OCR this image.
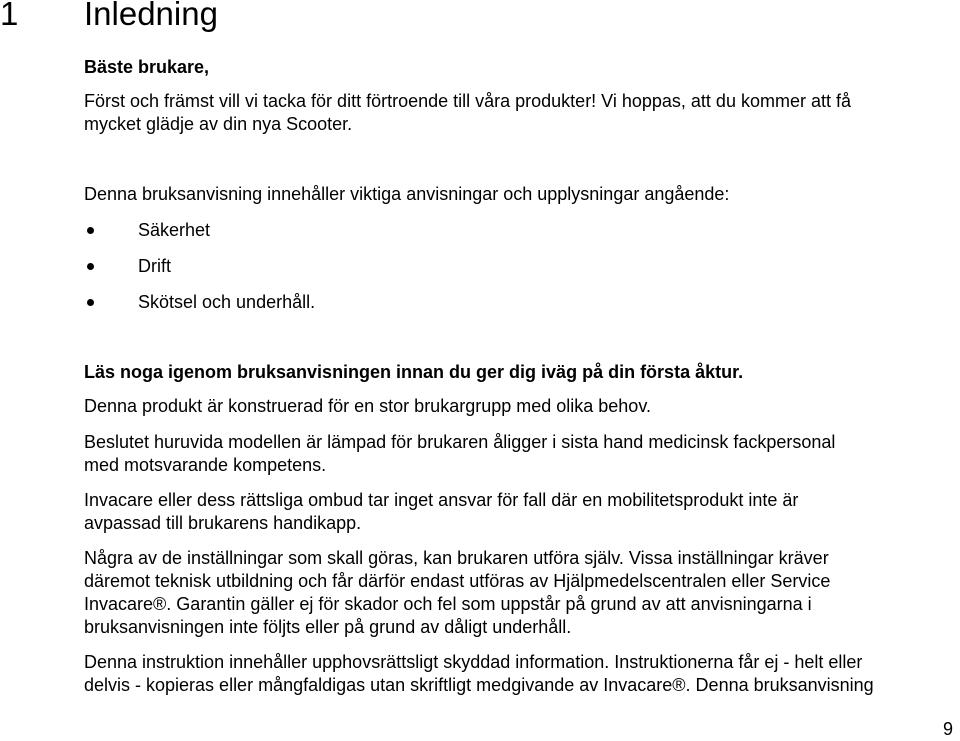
1 Inledning
Bäste brukare,
Först och främst vill vi tacka för ditt förtroende till våra produkter! Vi hoppas, att du kommer att få
mycket glädje av din nya Scooter.
Denna bruksanvisning innehåller viktiga anvisningar och upplysningar angående:
Säkerhet
Drift
Skötsel och underhåll.
Läs noga igenom bruksanvisningen innan du ger dig iväg på din första åktur.
Denna produkt är konstruerad för en stor brukargrupp med olika behov.
Beslutet huruvida modellen är lämpad för brukaren åligger i sista hand medicinsk fackpersonal
med motsvarande kompetens.
Invacare eller dess rättsliga ombud tar inget ansvar för fall där en mobilitetsprodukt inte är
avpassad till brukarens handikapp.
Några av de inställningar som skall göras, kan brukaren utföra själv. Vissa inställningar kräver
däremot teknisk utbildning och får därför endast utföras av Hjälpmedelscentralen eller Service
Invacare®. Garantin gäller ej för skador och fel som uppstår på grund av att anvisningarna i
bruksanvisningen inte följts eller på grund av dåligt underhåll.
Denna instruktion innehåller upphovsrättsligt skyddad information. Instruktionerna får ej - helt eller
delvis - kopieras eller mångfaldigas utan skriftligt medgivande av Invacare®. Denna bruksanvisning
9
